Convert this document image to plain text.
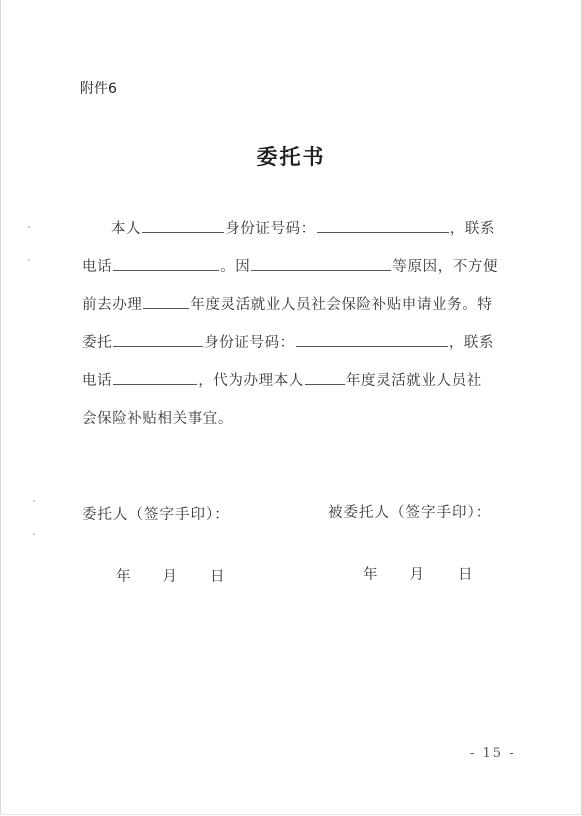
附件6
委托书
本人	身份证号码：	，联系
电话	。因	等原因，不方便
前去办理	年度灵活就业人员社会保险补贴申请业务。特
委托	身份证号码：	，联系
电话	，代为办理本人	年度灵活就业人员社
会保险补贴相关事宜。
委托人（签字手印）：	被委托人（签字手印）：
年 月 日	年 月 日
- 15 -
